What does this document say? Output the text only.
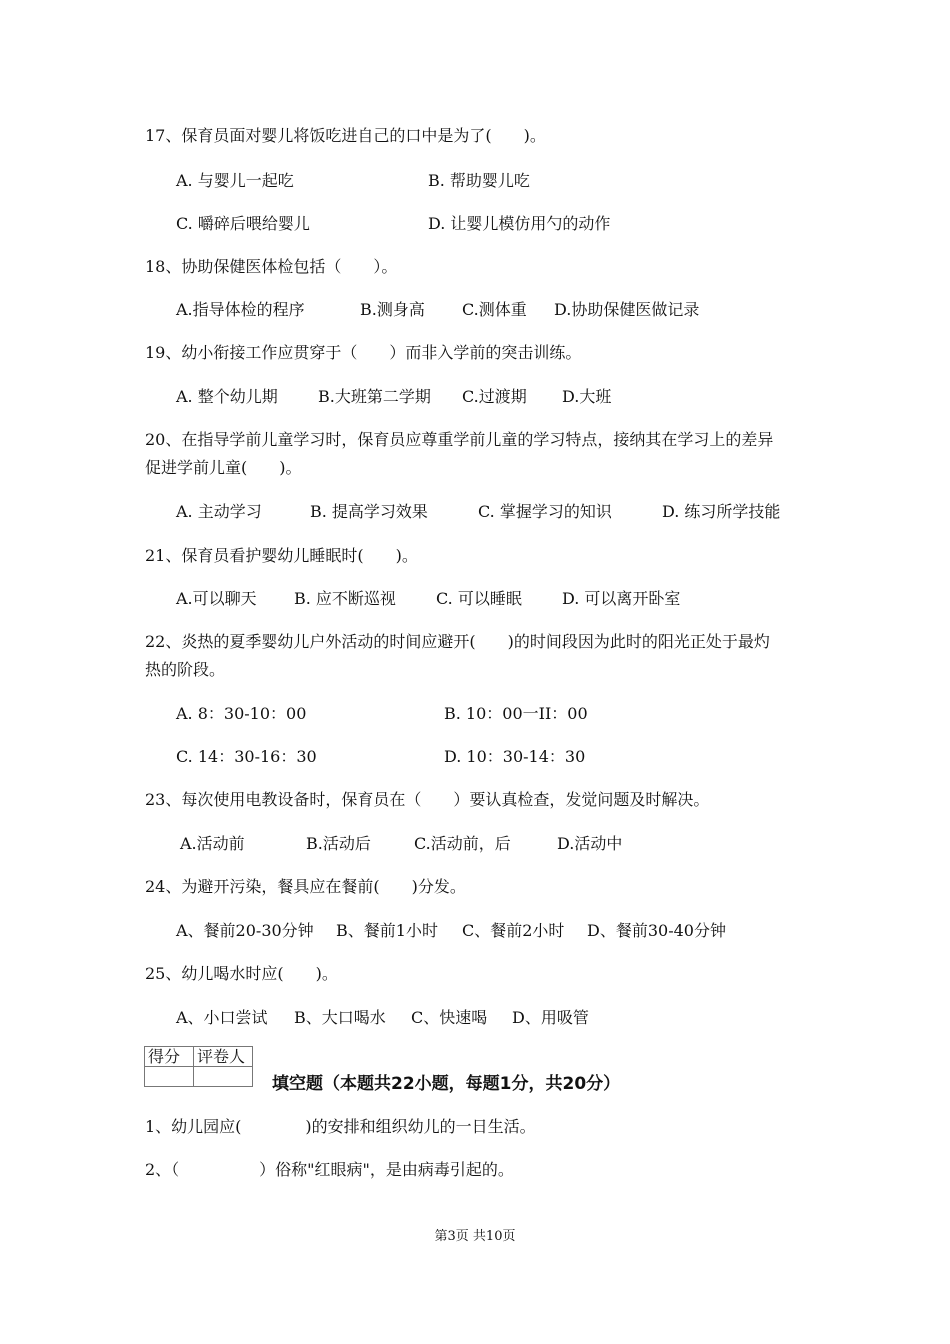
17、保育员面对婴儿将饭吃进自己的口中是为了(　　)。
A. 与婴儿一起吃	B. 帮助婴儿吃
C. 嚼碎后喂给婴儿	D. 让婴儿模仿用勺的动作
18、协助保健医体检包括（　　）。
A.指导体检的程序	B.测身高 C.测体重 D.协助保健医做记录
19、幼小衔接工作应贯穿于（　　）而非入学前的突击训练。
A. 整个幼儿期	B.大班第二学期 C.过渡期 D.大班
20、在指导学前儿童学习时，保育员应尊重学前儿童的学习特点，接纳其在学习上的差异
促进学前儿童(　　)。
A. 主动学习	B. 提高学习效果	C. 掌握学习的知识	D. 练习所学技能
21、保育员看护婴幼儿睡眠时(　　)。
A.可以聊天 B. 应不断巡视	C. 可以睡眠	D. 可以离开卧室
22、炎热的夏季婴幼儿户外活动的时间应避开(　　)的时间段因为此时的阳光正处于最灼
热的阶段。
A. 8：30-10：00	B. 10：00一II：00
C. 14：30-16：30	D. 10：30-14：30
23、每次使用电教设备时，保育员在（　　）要认真检查，发觉问题及时解决。
A.活动前	B.活动后	C.活动前，后	D.活动中
24、为避开污染，餐具应在餐前(　　)分发。
A、餐前20-30分钟 B、餐前1小时 C、餐前2小时 D、餐前30-40分钟
25、幼儿喝水时应(　　)。
A、小口尝试 B、大口喝水 C、快速喝 D、用吸管
得分	评卷人

填空题（本题共22小题，每题1分，共20分）
1、幼儿园应(　　　　)的安排和组织幼儿的一日生活。
2、（　　　　　）俗称"红眼病"，是由病毒引起的。
第3页 共10页
